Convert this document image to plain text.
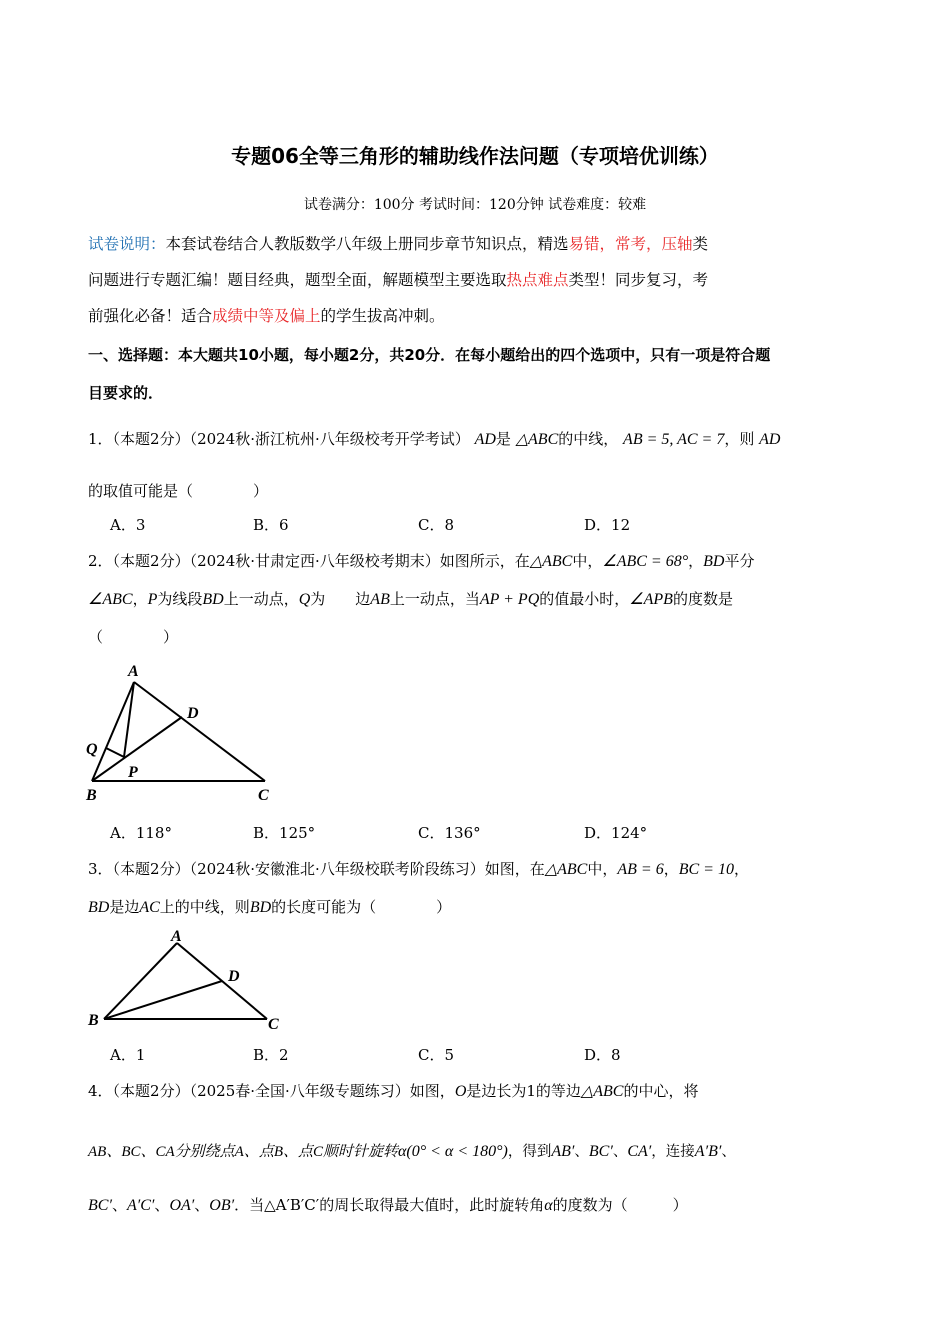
专题06全等三角形的辅助线作法问题（专项培优训练）
试卷满分：100分 考试时间：120分钟 试卷难度：较难
试卷说明：本套试卷结合人教版数学八年级上册同步章节知识点，精选易错，常考，压轴类
问题进行专题汇编！题目经典，题型全面，解题模型主要选取热点难点类型！同步复习，考
前强化必备！适合成绩中等及偏上的学生拔高冲刺。
一、选择题：本大题共10小题，每小题2分，共20分．在每小题给出的四个选项中，只有一项是符合题
目要求的．
1．（本题2分）（2024秋·浙江杭州·八年级校考开学考试） AD是 △ABC的中线， AB = 5, AC = 7，则 AD
的取值可能是（　　　　）
A．3	B．6	C．8	D．12
2．（本题2分）（2024秋·甘肃定西·八年级校考期末）如图所示，在△ABC中，∠ABC = 68°，BD平分
∠ABC，P为线段BD上一动点，Q为　　边AB上一动点，当AP + PQ的值最小时，∠APB的度数是
（　　　　）
A
D
Q
P
B	C
A．118°	B．125°	C．136°	D．124°
3．（本题2分）（2024秋·安徽淮北·八年级校联考阶段练习）如图，在△ABC中，AB = 6，BC = 10，
BD是边AC上的中线，则BD的长度可能为（　　　　）
A
D
B	C
A．1	B．2	C．5	D．8
4．（本题2分）（2025春·全国·八年级专题练习）如图，O是边长为1的等边△ABC的中心，将
AB、BC、CA分别绕点A、点B、点C顺时针旋转α(0° < α < 180°)，得到AB′、BC′、CA′，连接A′B′、
BC′、A′C′、OA′、OB′．当△A′B′C′的周长取得最大值时，此时旋转角α的度数为（　　　）
